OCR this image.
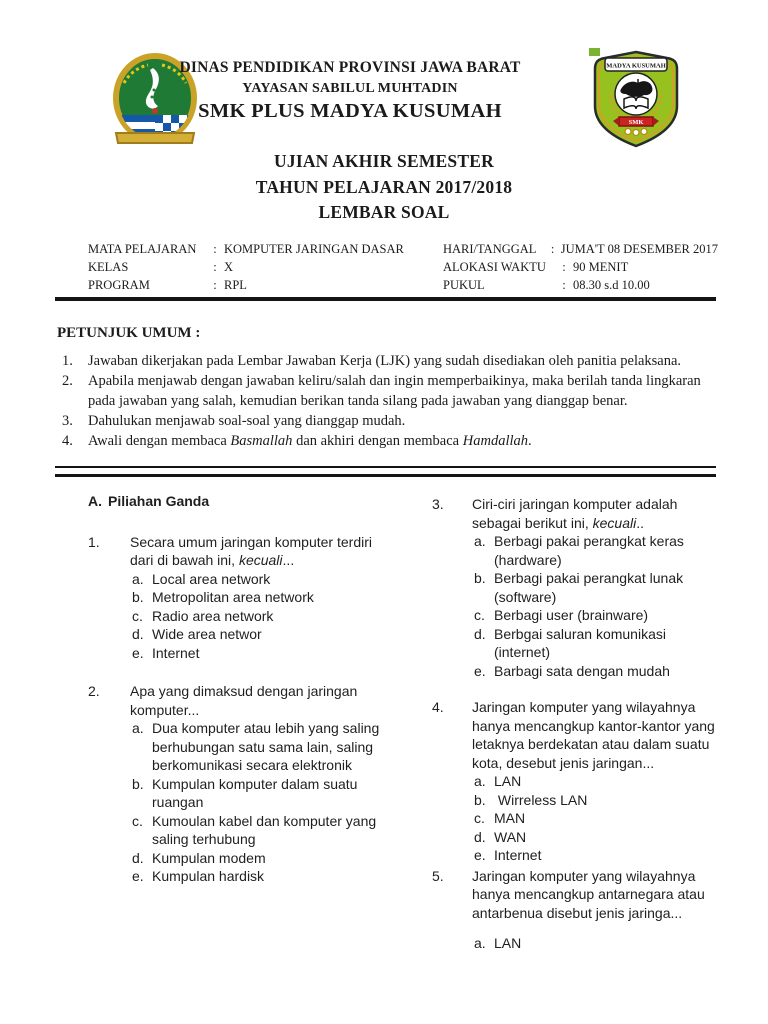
MADYA KUSUMAH
SMK
DINAS PENDIDIKAN PROVINSI JAWA BARAT
YAYASAN SABILUL MUHTADIN
SMK PLUS MADYA KUSUMAH
UJIAN AKHIR SEMESTER
TAHUN PELAJARAN 2017/2018
LEMBAR SOAL
MATA PELAJARAN	: KOMPUTER JARINGAN DASAR
KELAS	: X
PROGRAM	: RPL
HARI/TANGGAL	: JUMA'T 08 DESEMBER 2017
ALOKASI WAKTU	: 90 MENIT
PUKUL	: 08.30 s.d 10.00
PETUNJUK UMUM :
1.	Jawaban dikerjakan pada Lembar Jawaban Kerja (LJK) yang sudah disediakan oleh panitia pelaksana.
2.	Apabila menjawab dengan jawaban keliru/salah dan ingin memperbaikinya, maka berilah tanda lingkaran pada jawaban yang salah, kemudian berikan tanda silang pada jawaban yang dianggap benar.
3.	Dahulukan menjawab soal-soal yang dianggap mudah.
4.	Awali dengan membaca Basmallah dan akhiri dengan membaca Hamdallah.
A. Piliahan Ganda
1.	Secara umum jaringan komputer terdiri dari di bawah ini, kecuali...
a. Local area network
b. Metropolitan area network
c. Radio area network
d. Wide area networ
e. Internet
2.	Apa yang dimaksud dengan jaringan komputer...
a. Dua komputer atau lebih yang saling berhubungan satu sama lain, saling berkomunikasi secara elektronik
b. Kumpulan komputer dalam suatu ruangan
c. Kumoulan kabel dan komputer yang saling terhubung
d. Kumpulan modem
e. Kumpulan hardisk
3.	Ciri-ciri jaringan komputer adalah sebagai berikut ini, kecuali..
a. Berbagi pakai perangkat keras (hardware)
b. Berbagi pakai perangkat lunak (software)
c. Berbagi user (brainware)
d. Berbgai saluran komunikasi (internet)
e. Barbagi sata dengan mudah
4.	Jaringan komputer yang wilayahnya hanya mencangkup kantor-kantor yang letaknya berdekatan atau dalam suatu kota, desebut jenis jaringan...
a. LAN
b. Wirreless LAN
c. MAN
d. WAN
e. Internet
5.	Jaringan komputer yang wilayahnya hanya mencangkup antarnegara atau antarbenua disebut jenis jaringa...
a. LAN
